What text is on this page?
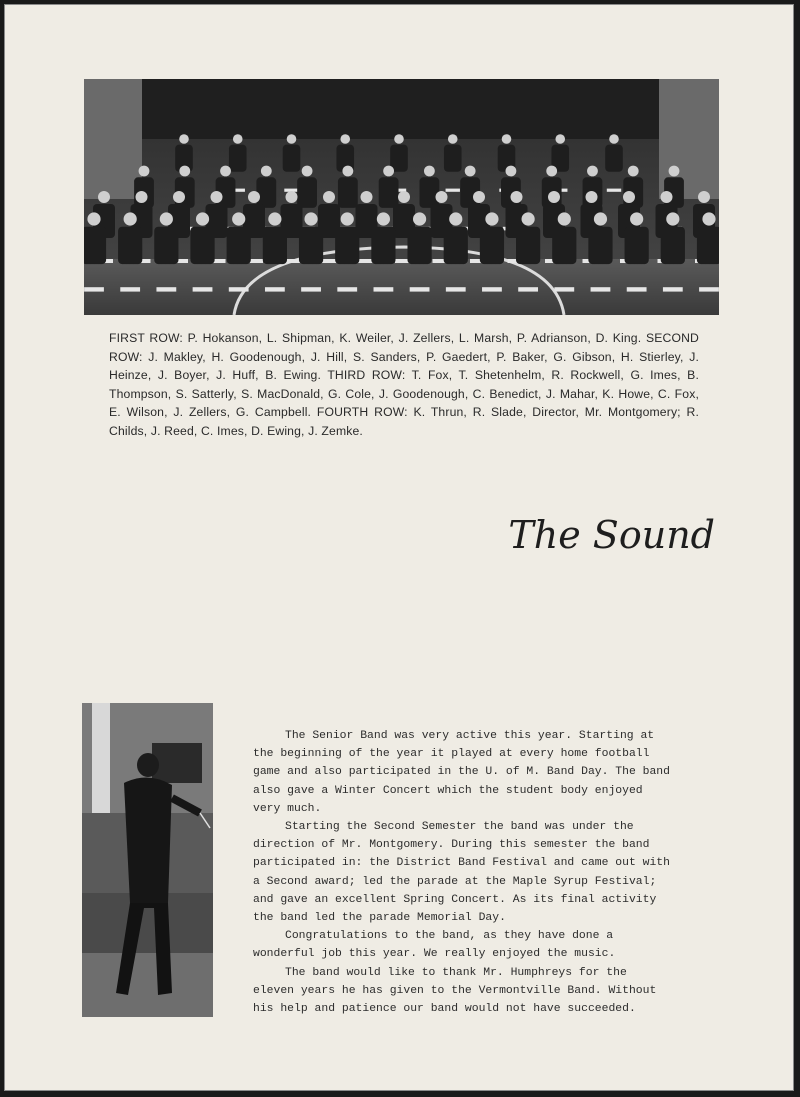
FIRST ROW: P. Hokanson, L. Shipman, K. Weiler, J. Zellers, L. Marsh, P. Adrianson, D. King. SECOND ROW: J. Makley, H. Goodenough, J. Hill, S. Sanders, P. Gaedert, P. Baker, G. Gibson, H. Stierley, J. Heinze, J. Boyer, J. Huff, B. Ewing. THIRD ROW: T. Fox, T. Shetenhelm, R. Rockwell, G. Imes, B. Thompson, S. Satterly, S. MacDonald, G. Cole, J. Goodenough, C. Benedict, J. Mahar, K. Howe, C. Fox, E. Wilson, J. Zellers, G. Campbell. FOURTH ROW: K. Thrun, R. Slade, Director, Mr. Montgomery; R. Childs, J. Reed, C. Imes, D. Ewing, J. Zemke.
The Sound

The Senior Band was very active this year. Starting at the beginning of the year it played at every home football game and also participated in the U. of M. Band Day. The band also gave a Winter Concert which the student body enjoyed very much.

Starting the Second Semester the band was under the direction of Mr. Montgomery. During this semester the band participated in: the District Band Festival and came out with a Second award; led the parade at the Maple Syrup Festival; and gave an excellent Spring Concert. As its final activity the band led the parade Memorial Day.

Congratulations to the band, as they have done a wonderful job this year. We really enjoyed the music.

The band would like to thank Mr. Humphreys for the eleven years he has given to the Vermontville Band. Without his help and patience our band would not have succeeded.
